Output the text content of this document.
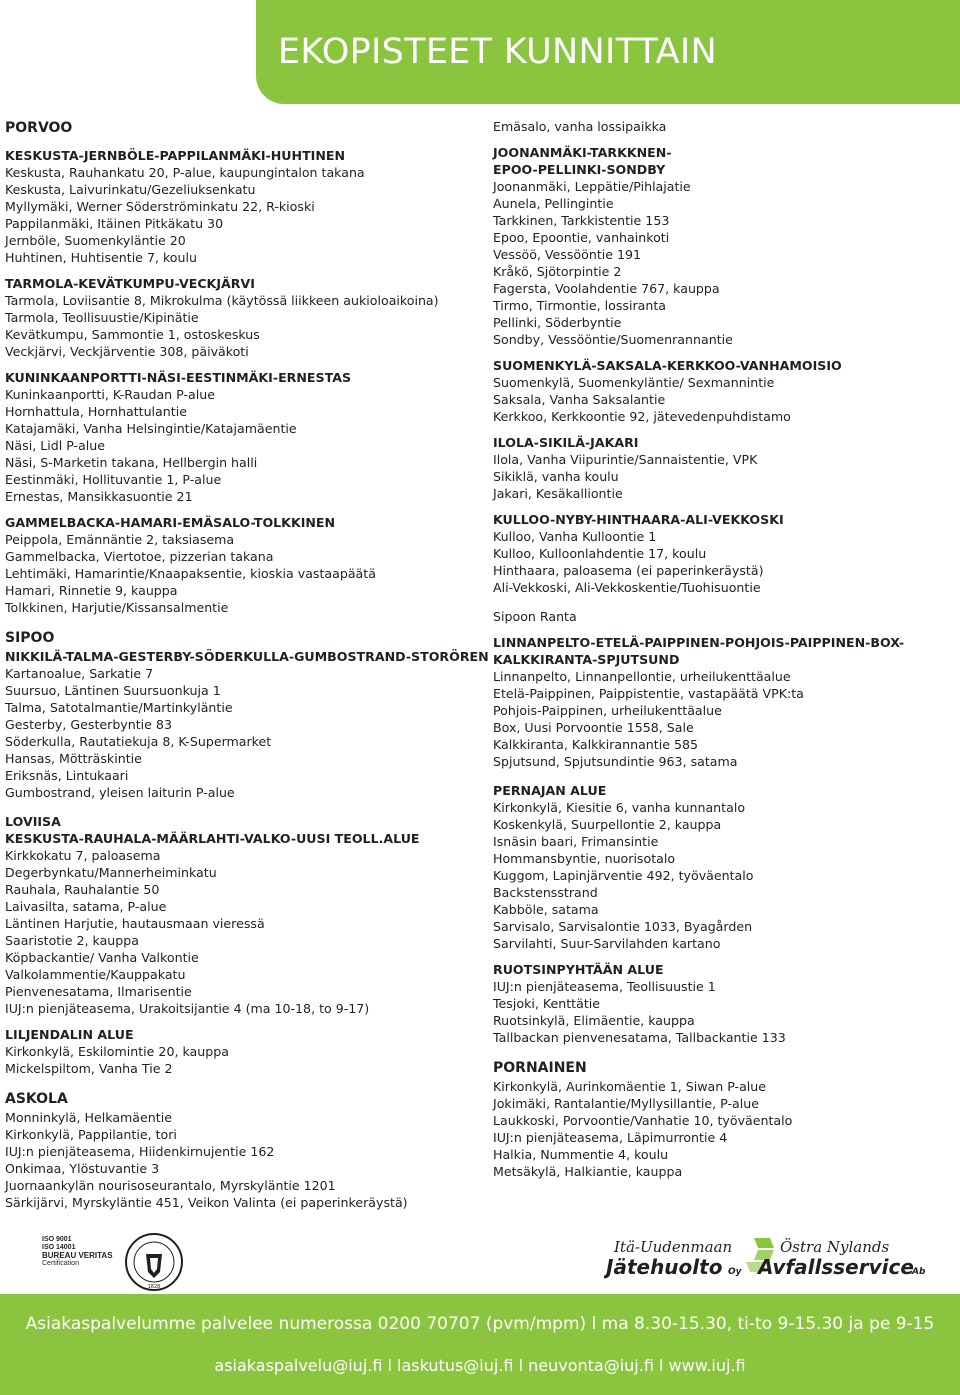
EKOPISTEET KUNNITTAIN
PORVOO
KESKUSTA-JERNBÖLE-PAPPILANMÄKI-HUHTINEN
Keskusta, Rauhankatu 20, P-alue, kaupungintalon takana
Keskusta, Laivurinkatu/Gezeliuksenkatu
Myllymäki, Werner Söderströminkatu 22, R-kioski
Pappilanmäki, Itäinen Pitkäkatu 30
Jernböle, Suomenkyläntie 20
Huhtinen, Huhtisentie 7, koulu
TARMOLA-KEVÄTKUMPU-VECKJÄRVI
Tarmola, Loviisantie 8, Mikrokulma (käytössä liikkeen aukioloaikoina)
Tarmola, Teollisuustie/Kipinätie
Kevätkumpu, Sammontie 1, ostoskeskus
Veckjärvi, Veckjärventie 308, päiväkoti
KUNINKAANPORTTI-NÄSI-EESTINMÄKI-ERNESTAS
Kuninkaanportti, K-Raudan P-alue
Hornhattula, Hornhattulantie
Katajamäki, Vanha Helsingintie/Katajamäentie
Näsi, Lidl P-alue
Näsi, S-Marketin takana, Hellbergin halli
Eestinmäki, Hollituvantie 1, P-alue
Ernestas, Mansikkasuontie 21
GAMMELBACKA-HAMARI-EMÄSALO-TOLKKINEN
Peippola, Emännäntie 2, taksiasema
Gammelbacka, Viertotoe, pizzerian takana
Lehtimäki, Hamarintie/Knaapaksentie, kioskia vastaapäätä
Hamari, Rinnetie 9, kauppa
Tolkkinen, Harjutie/Kissansalmentie
SIPOO
NIKKILÄ-TALMA-GESTERBY-SÖDERKULLA-GUMBOSTRAND-STORÖREN
Kartanoalue, Sarkatie 7
Suursuo, Läntinen Suursuonkuja 1
Talma, Satotalmantie/Martinkyläntie
Gesterby, Gesterbyntie 83
Söderkulla, Rautatiekuja 8, K-Supermarket
Hansas, Mötträskintie
Eriksnäs, Lintukaari
Gumbostrand, yleisen laiturin P-alue
LOVIISA
KESKUSTA-RAUHALA-MÄÄRLAHTI-VALKO-UUSI TEOLL.ALUE
Kirkkokatu 7, paloasema
Degerbynkatu/Mannerheiminkatu
Rauhala, Rauhalantie 50
Laivasilta, satama, P-alue
Läntinen Harjutie, hautausmaan vieressä
Saaristotie 2, kauppa
Köpbackantie/ Vanha Valkontie
Valkolammentie/Kauppakatu
Pienvenesatama, Ilmarisentie
IUJ:n pienjäteasema, Urakoitsijantie 4 (ma 10-18, to 9-17)
LILJENDALIN ALUE
Kirkonkylä, Eskilomintie 20, kauppa
Mickelspiltom, Vanha Tie 2
ASKOLA
Monninkylä, Helkamäentie
Kirkonkylä, Pappilantie, tori
IUJ:n pienjäteasema, Hiidenkirnujentie 162
Onkimaa, Ylöstuvantie 3
Juornaankylän nourisoseurantalo, Myrskyläntie 1201
Särkijärvi, Myrskyläntie 451, Veikon Valinta (ei paperinkeräystä)
Emäsalo, vanha lossipaikka
JOONANMÄKI-TARKKNEN-
EPOO-PELLINKI-SONDBY
Joonanmäki, Leppätie/Pihlajatie
Aunela, Pellingintie
Tarkkinen, Tarkkistentie 153
Epoo, Epoontie, vanhainkoti
Vessöö, Vessööntie 191
Kråkö, Sjötorpintie 2
Fagersta, Voolahdentie 767, kauppa
Tirmo, Tirmontie, lossiranta
Pellinki, Söderbyntie
Sondby, Vessööntie/Suomenrannantie
SUOMENKYLÄ-SAKSALA-KERKKOO-VANHAMOISIO
Suomenkylä, Suomenkyläntie/ Sexmannintie
Saksala, Vanha Saksalantie
Kerkkoo, Kerkkoontie 92, jätevedenpuhdistamo
ILOLA-SIKILÄ-JAKARI
Ilola, Vanha Viipurintie/Sannaistentie, VPK
Sikiklä, vanha koulu
Jakari, Kesäkalliontie
KULLOO-NYBY-HINTHAARA-ALI-VEKKOSKI
Kulloo, Vanha Kulloontie 1
Kulloo, Kulloonlahdentie 17, koulu
Hinthaara, paloasema (ei paperinkeräystä)
Ali-Vekkoski, Ali-Vekkoskentie/Tuohisuontie
Sipoon Ranta
LINNANPELTO-ETELÄ-PAIPPINEN-POHJOIS-PAIPPINEN-BOX-
KALKKIRANTA-SPJUTSUND
Linnanpelto, Linnanpellontie, urheilukenttäalue
Etelä-Paippinen, Paippistentie, vastapäätä VPK:ta
Pohjois-Paippinen, urheilukenttäalue
Box, Uusi Porvoontie 1558, Sale
Kalkkiranta, Kalkkirannantie 585
Spjutsund, Spjutsundintie 963, satama
PERNAJAN ALUE
Kirkonkylä, Kiesitie 6, vanha kunnantalo
Koskenkylä, Suurpellontie 2, kauppa
Isnäsin baari, Frimansintie
Hommansbyntie, nuorisotalo
Kuggom, Lapinjärventie 492, työväentalo
Backstensstrand
Kabböle, satama
Sarvisalo, Sarvisalontie 1033, Byagården
Sarvilahti, Suur-Sarvilahden kartano
RUOTSINPYHTÄÄN ALUE
IUJ:n pienjäteasema, Teollisuustie 1
Tesjoki, Kenttätie
Ruotsinkylä, Elimäentie, kauppa
Tallbackan pienvenesatama, Tallbackantie 133
PORNAINEN
Kirkonkylä, Aurinkomäentie 1, Siwan P-alue
Jokimäki, Rantalantie/Myllysillantie, P-alue
Laukkoski, Porvoontie/Vanhatie 10, työväentalo
IUJ:n pienjäteasema, Läpimurrontie 4
Halkia, Nummentie 4, koulu
Metsäkylä, Halkiantie, kauppa
ISO 9001
ISO 14001
BUREAU VERITAS
Certification
1828
Itä-Uudenmaan
Jätehuolto Oy
Östra Nylands
Avfallsservice
Ab
Asiakaspalvelumme palvelee numerossa 0200 70707 (pvm/mpm) l ma 8.30-15.30, ti-to 9-15.30 ja pe 9-15
asiakaspalvelu@iuj.fi l laskutus@iuj.fi l neuvonta@iuj.fi l www.iuj.fi
